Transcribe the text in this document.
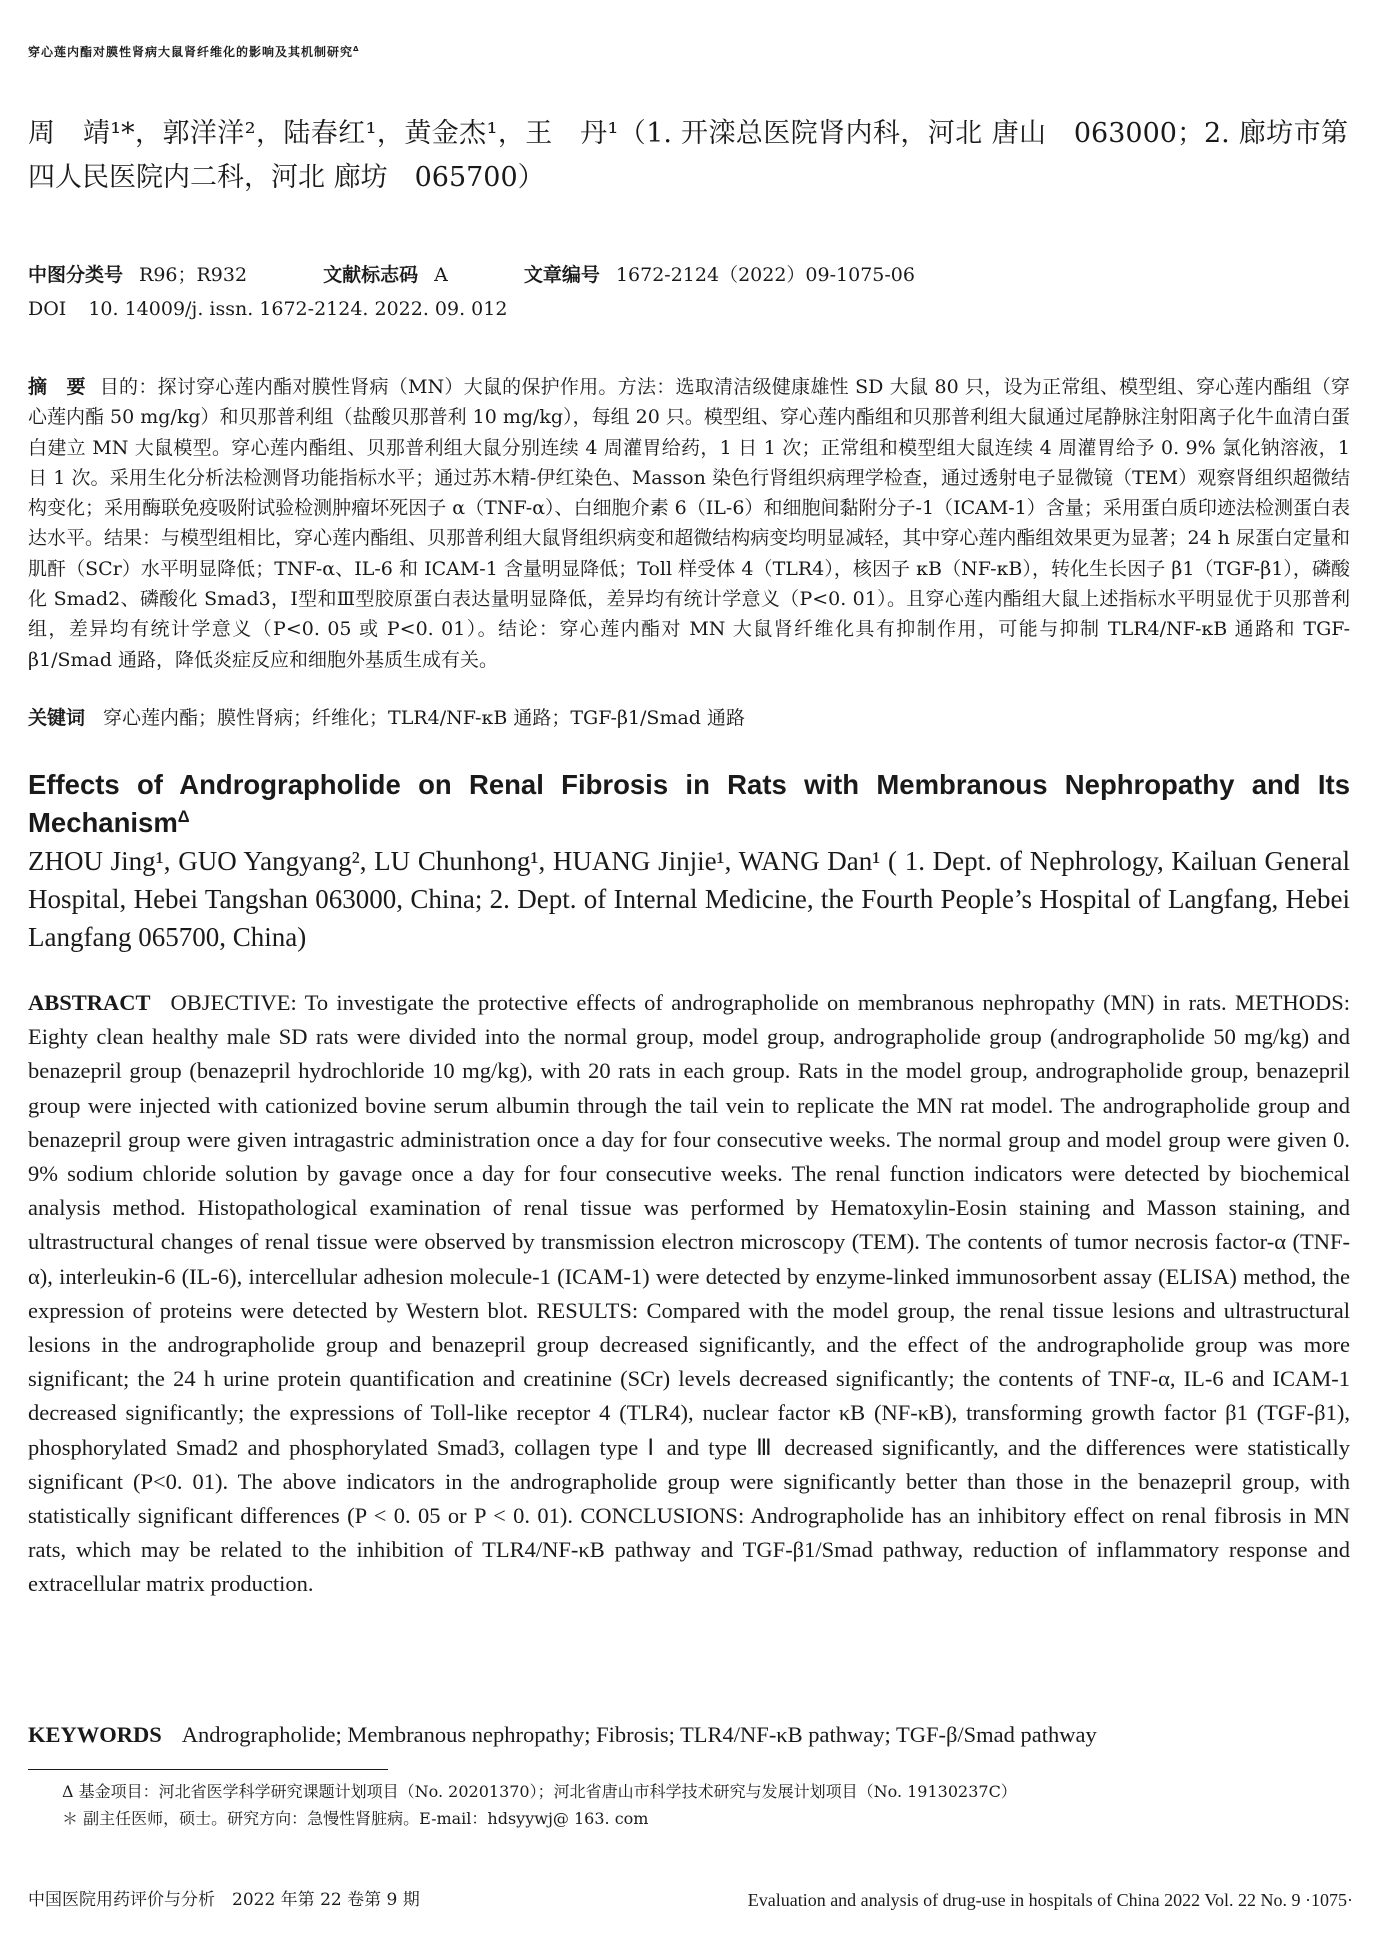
穿心莲内酯对膜性肾病大鼠肾纤维化的影响及其机制研究$^\Delta$
周　靖¹*，郭洋洋²，陆春红¹，黄金杰¹，王　丹¹（1. 开滦总医院肾内科，河北 唐山　063000；2. 廊坊市第四人民医院内二科，河北 廊坊　065700）
中图分类号 R96；R932	文献标志码 A	文章编号 1672-2124（2022）09-1075-06
DOI 10. 14009/j. issn. 1672-2124. 2022. 09. 012
摘　要 目的：探讨穿心莲内酯对膜性肾病（MN）大鼠的保护作用。方法：选取清洁级健康雄性 SD 大鼠 80 只，设为正常组、模型组、穿心莲内酯组（穿心莲内酯 50 mg/kg）和贝那普利组（盐酸贝那普利 10 mg/kg），每组 20 只。模型组、穿心莲内酯组和贝那普利组大鼠通过尾静脉注射阳离子化牛血清白蛋白建立 MN 大鼠模型。穿心莲内酯组、贝那普利组大鼠分别连续 4 周灌胃给药，1 日 1 次；正常组和模型组大鼠连续 4 周灌胃给予 0. 9% 氯化钠溶液，1 日 1 次。采用生化分析法检测肾功能指标水平；通过苏木精-伊红染色、Masson 染色行肾组织病理学检查，通过透射电子显微镜（TEM）观察肾组织超微结构变化；采用酶联免疫吸附试验检测肿瘤坏死因子 α（TNF-α）、白细胞介素 6（IL-6）和细胞间黏附分子-1（ICAM-1）含量；采用蛋白质印迹法检测蛋白表达水平。结果：与模型组相比，穿心莲内酯组、贝那普利组大鼠肾组织病变和超微结构病变均明显减轻，其中穿心莲内酯组效果更为显著；24 h 尿蛋白定量和肌酐（SCr）水平明显降低；TNF-α、IL-6 和 ICAM-1 含量明显降低；Toll 样受体 4（TLR4），核因子 κB（NF-κB），转化生长因子 β1（TGF-β1），磷酸化 Smad2、磷酸化 Smad3，Ⅰ型和Ⅲ型胶原蛋白表达量明显降低，差异均有统计学意义（P<0. 01）。且穿心莲内酯组大鼠上述指标水平明显优于贝那普利组，差异均有统计学意义（P<0. 05 或 P<0. 01）。结论：穿心莲内酯对 MN 大鼠肾纤维化具有抑制作用，可能与抑制 TLR4/NF-κB 通路和 TGF-β1/Smad 通路，降低炎症反应和细胞外基质生成有关。
关键词 穿心莲内酯；膜性肾病；纤维化；TLR4/NF-κB 通路；TGF-β1/Smad 通路
Effects of Andrographolide on Renal Fibrosis in Rats with Membranous Nephropathy and Its Mechanism$^\Delta$
ZHOU Jing¹, GUO Yangyang², LU Chunhong¹, HUANG Jinjie¹, WANG Dan¹ ( 1. Dept. of Nephrology, Kailuan General Hospital, Hebei Tangshan 063000, China; 2. Dept. of Internal Medicine, the Fourth People’s Hospital of Langfang, Hebei Langfang 065700, China)
ABSTRACT OBJECTIVE: To investigate the protective effects of andrographolide on membranous nephropathy (MN) in rats. METHODS: Eighty clean healthy male SD rats were divided into the normal group, model group, andrographolide group (andrographolide 50 mg/kg) and benazepril group (benazepril hydrochloride 10 mg/kg), with 20 rats in each group. Rats in the model group, andrographolide group, benazepril group were injected with cationized bovine serum albumin through the tail vein to replicate the MN rat model. The andrographolide group and benazepril group were given intragastric administration once a day for four consecutive weeks. The normal group and model group were given 0. 9% sodium chloride solution by gavage once a day for four consecutive weeks. The renal function indicators were detected by biochemical analysis method. Histopathological examination of renal tissue was performed by Hematoxylin-Eosin staining and Masson staining, and ultrastructural changes of renal tissue were observed by transmission electron microscopy (TEM). The contents of tumor necrosis factor-α (TNF-α), interleukin-6 (IL-6), intercellular adhesion molecule-1 (ICAM-1) were detected by enzyme-linked immunosorbent assay (ELISA) method, the expression of proteins were detected by Western blot. RESULTS: Compared with the model group, the renal tissue lesions and ultrastructural lesions in the andrographolide group and benazepril group decreased significantly, and the effect of the andrographolide group was more significant; the 24 h urine protein quantification and creatinine (SCr) levels decreased significantly; the contents of TNF-α, IL-6 and ICAM-1 decreased significantly; the expressions of Toll-like receptor 4 (TLR4), nuclear factor κB (NF-κB), transforming growth factor β1 (TGF-β1), phosphorylated Smad2 and phosphorylated Smad3, collagen type Ⅰ and type Ⅲ decreased significantly, and the differences were statistically significant (P<0. 01). The above indicators in the andrographolide group were significantly better than those in the benazepril group, with statistically significant differences (P < 0. 05 or P < 0. 01). CONCLUSIONS: Andrographolide has an inhibitory effect on renal fibrosis in MN rats, which may be related to the inhibition of TLR4/NF-κB pathway and TGF-β1/Smad pathway, reduction of inflammatory response and extracellular matrix production.
KEYWORDS Andrographolide; Membranous nephropathy; Fibrosis; TLR4/NF-κB pathway; TGF-β/Smad pathway
Δ 基金项目：河北省医学科学研究课题计划项目（No. 20201370）；河北省唐山市科学技术研究与发展计划项目（No. 19130237C）
＊ 副主任医师，硕士。研究方向：急慢性肾脏病。E-mail：hdsyywj@ 163. com
中国医院用药评价与分析　2022 年第 22 卷第 9 期	Evaluation and analysis of drug-use in hospitals of China 2022 Vol. 22 No. 9 ·1075·
